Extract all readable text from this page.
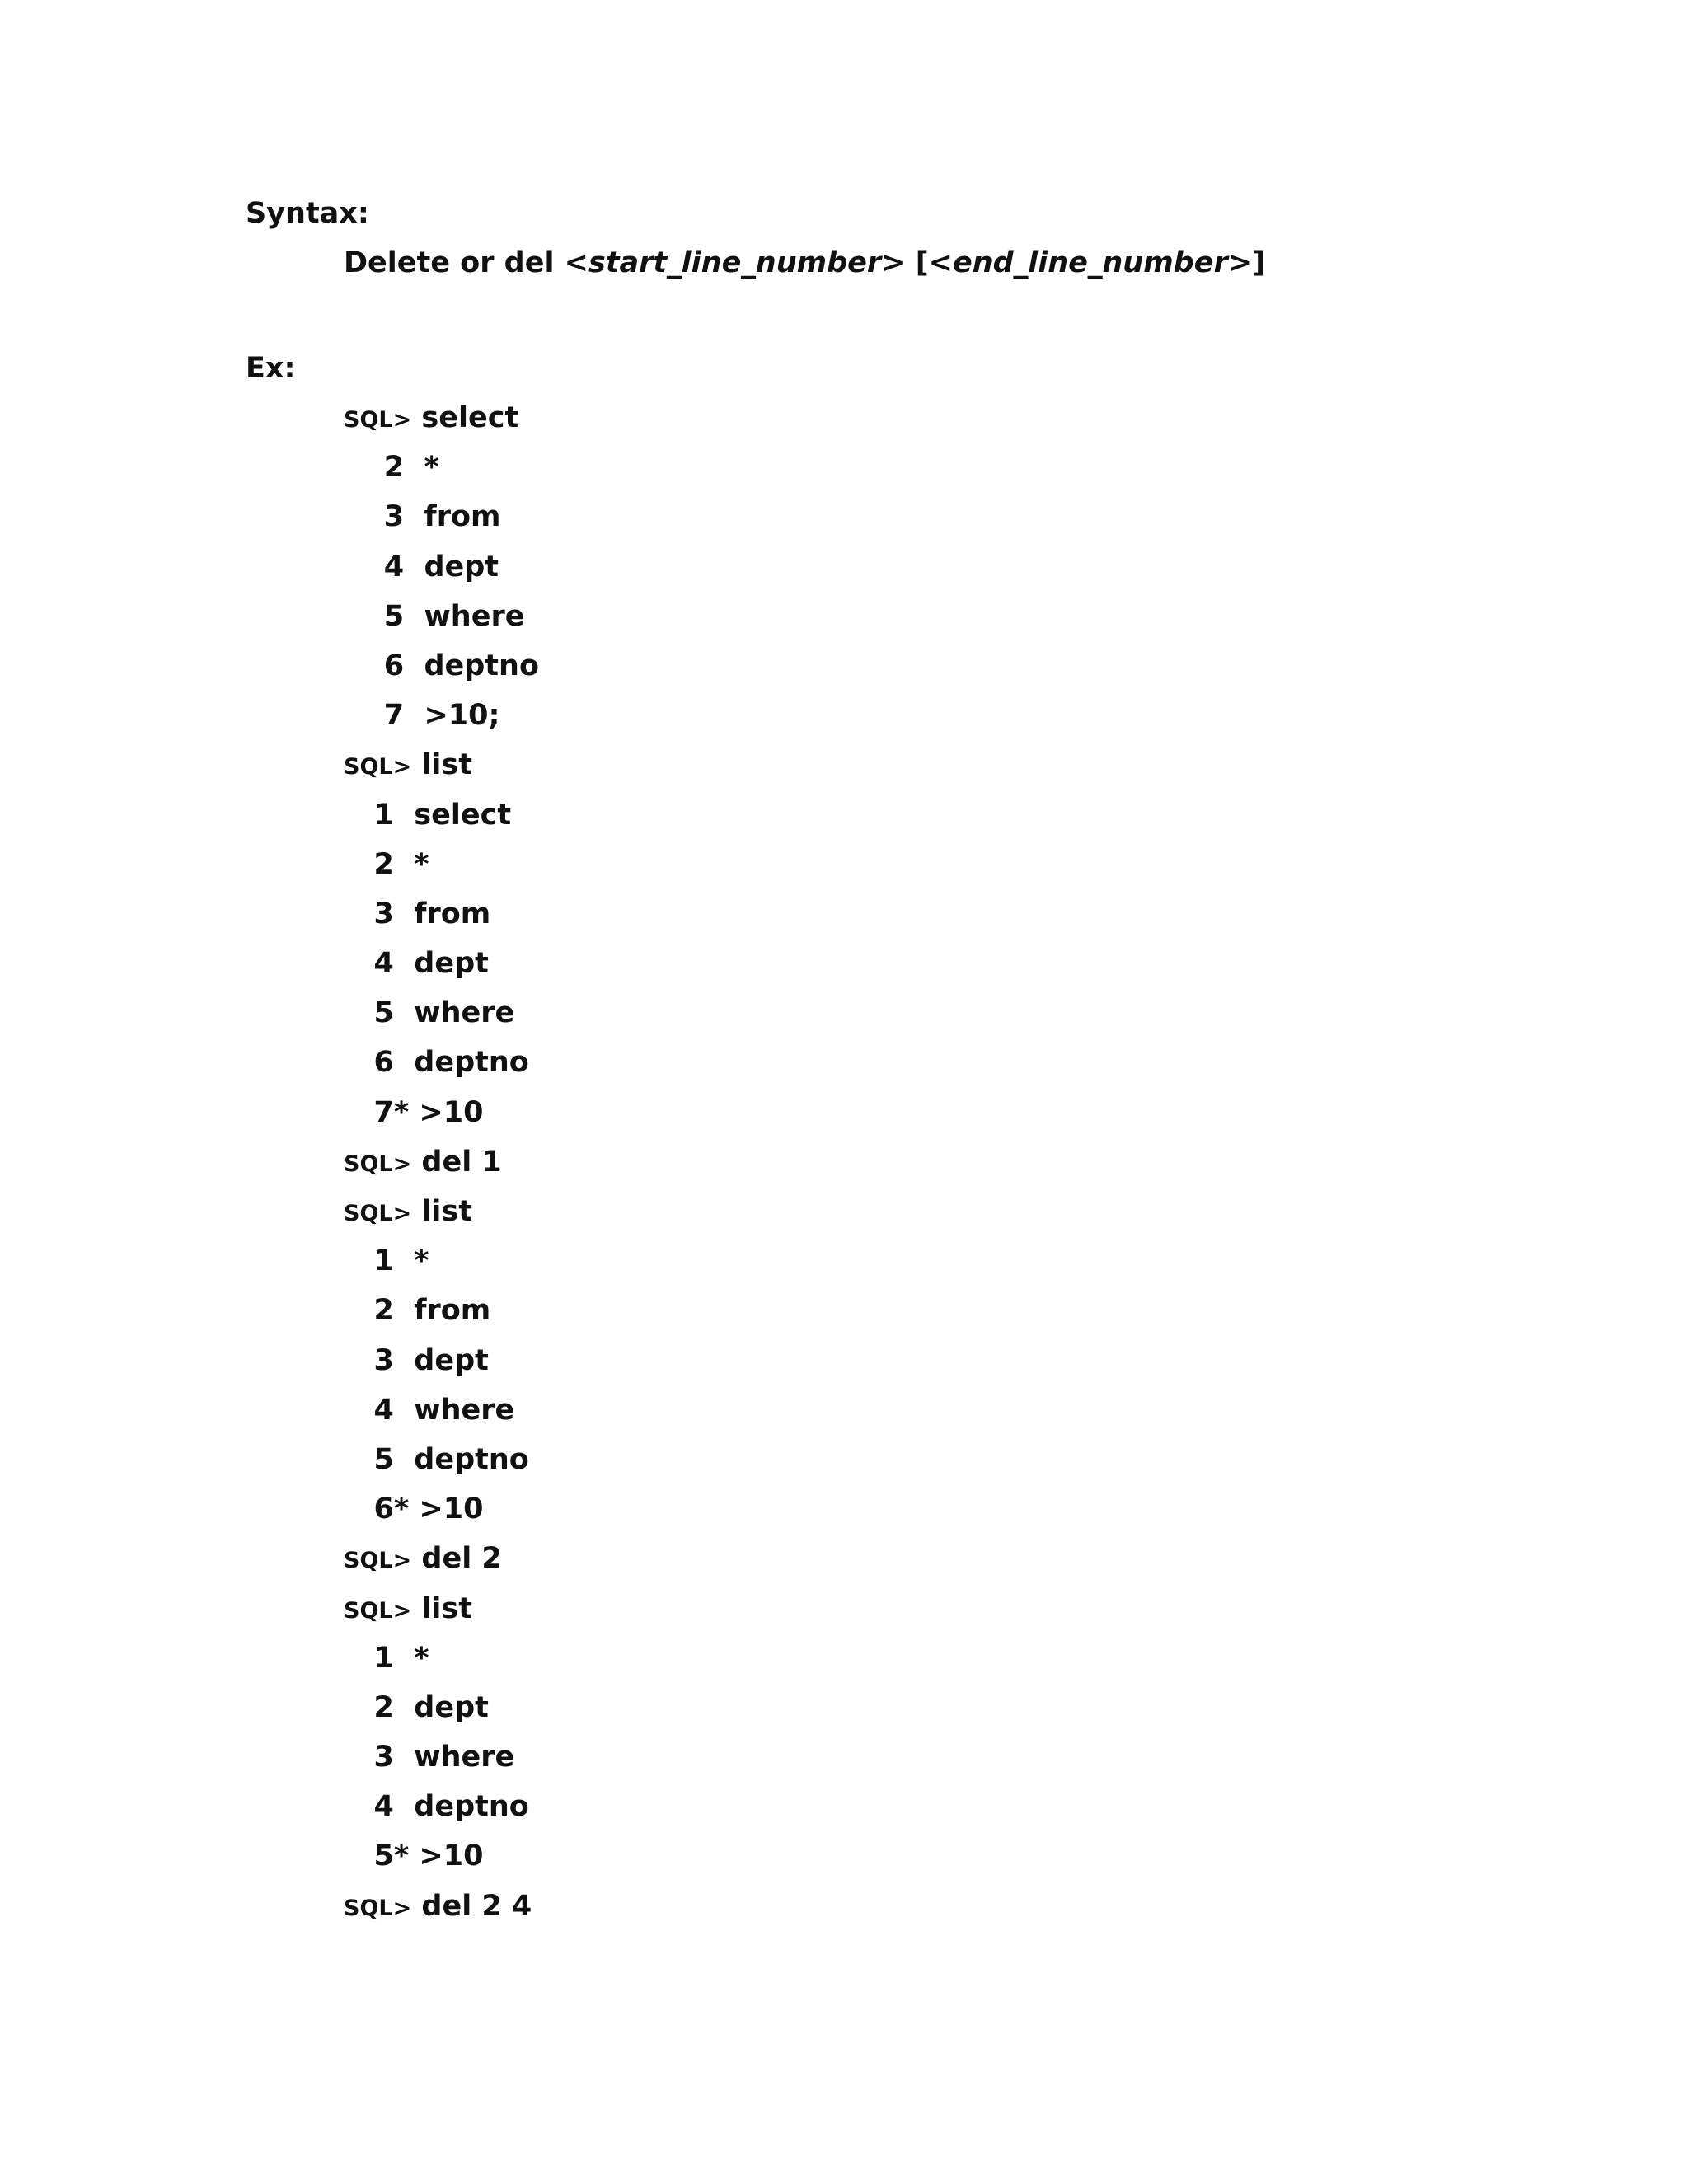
Syntax:
Delete or del <start_line_number> [<end_line_number>]
Ex:
SQL> select
2  *
3  from
4  dept
5  where
6  deptno
7  >10;
SQL> list
1  select
2  *
3  from
4  dept
5  where
6  deptno
7* >10
SQL> del 1
SQL> list
1  *
2  from
3  dept
4  where
5  deptno
6* >10
SQL> del 2
SQL> list
1  *
2  dept
3  where
4  deptno
5* >10
SQL> del 2 4
